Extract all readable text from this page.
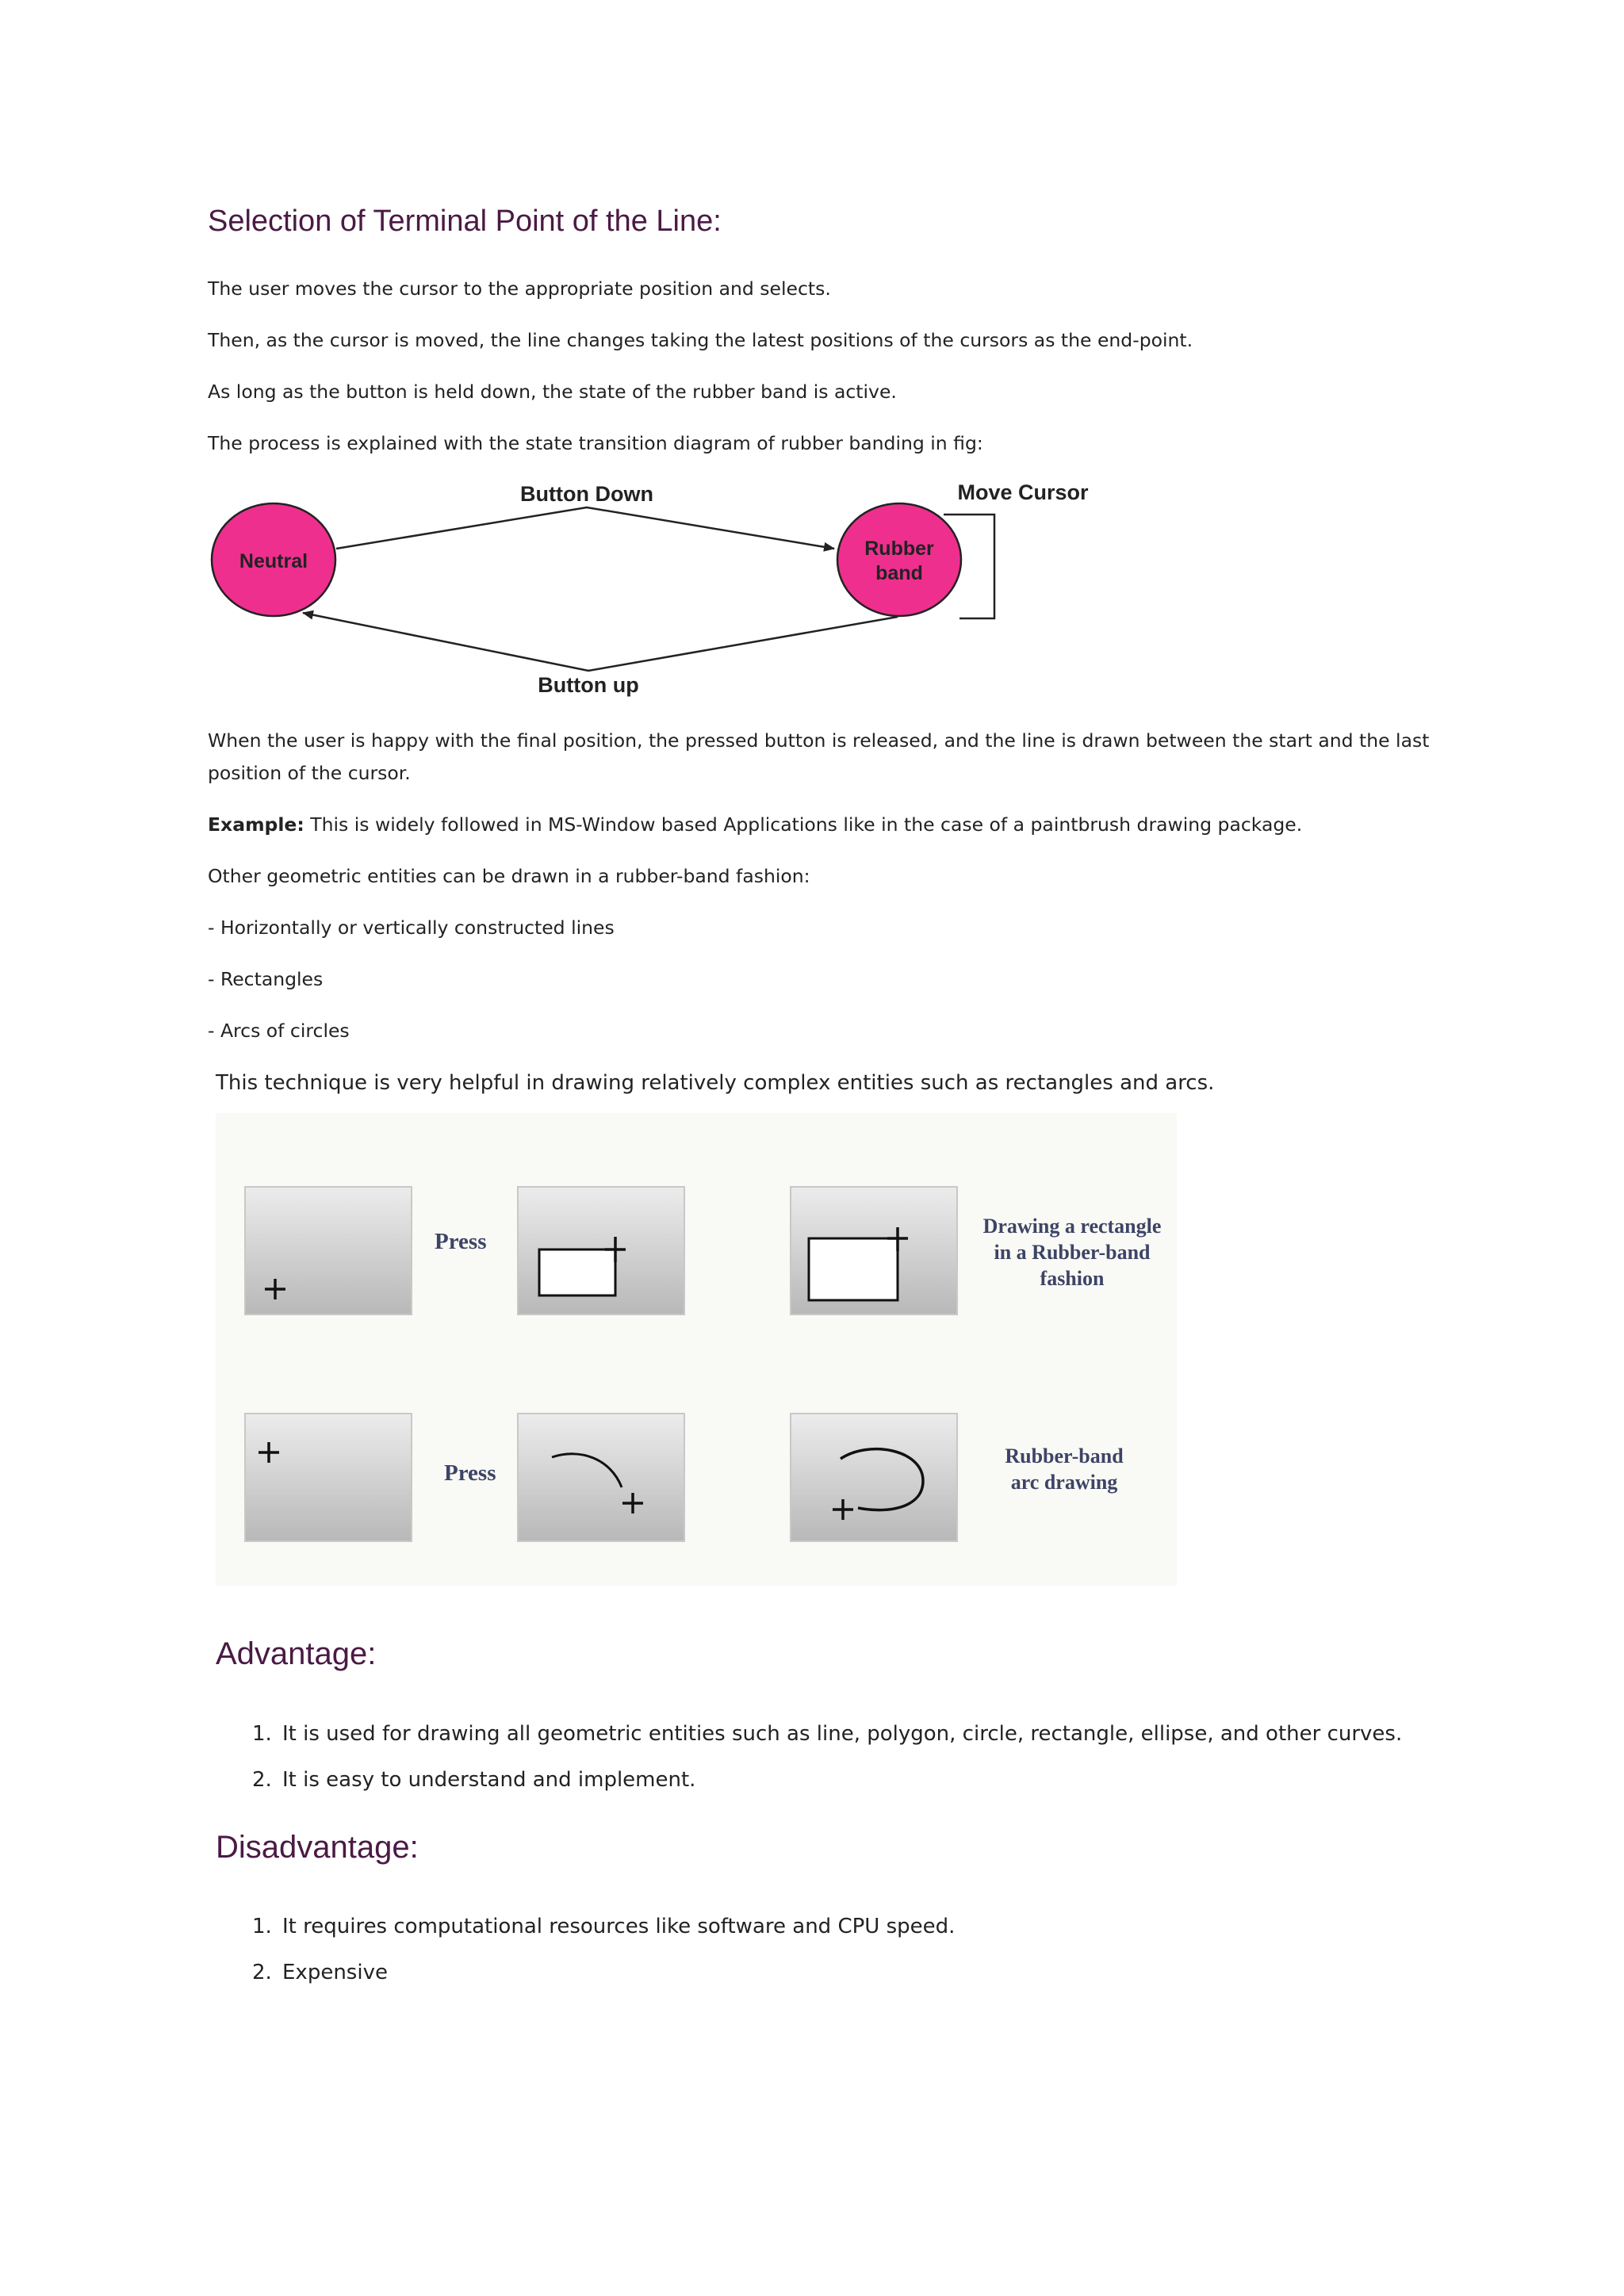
Selection of Terminal Point of the Line:

The user moves the cursor to the appropriate position and selects.

Then, as the cursor is moved, the line changes taking the latest positions of the cursors as the end-point.

As long as the button is held down, the state of the rubber band is active.

The process is explained with the state transition diagram of rubber banding in fig:

Neutral
Rubber
band
Button Down
Button up
Move Cursor

When the user is happy with the final position, the pressed button is released, and the line is drawn between the start and the last position of the cursor.

Example: This is widely followed in MS-Window based Applications like in the case of a paintbrush drawing package.

Other geometric entities can be drawn in a rubber-band fashion:

- Horizontally or vertically constructed lines

- Rectangles

- Arcs of circles

This technique is very helpful in drawing relatively complex entities such as rectangles and arcs.

Press
Drawing a rectangle
in a Rubber-band
fashion
Press
Rubber-band
arc drawing
Advantage:
1. It is used for drawing all geometric entities such as line, polygon, circle, rectangle, ellipse, and other curves.
2. It is easy to understand and implement.
Disadvantage:
1. It requires computational resources like software and CPU speed.
2. Expensive
